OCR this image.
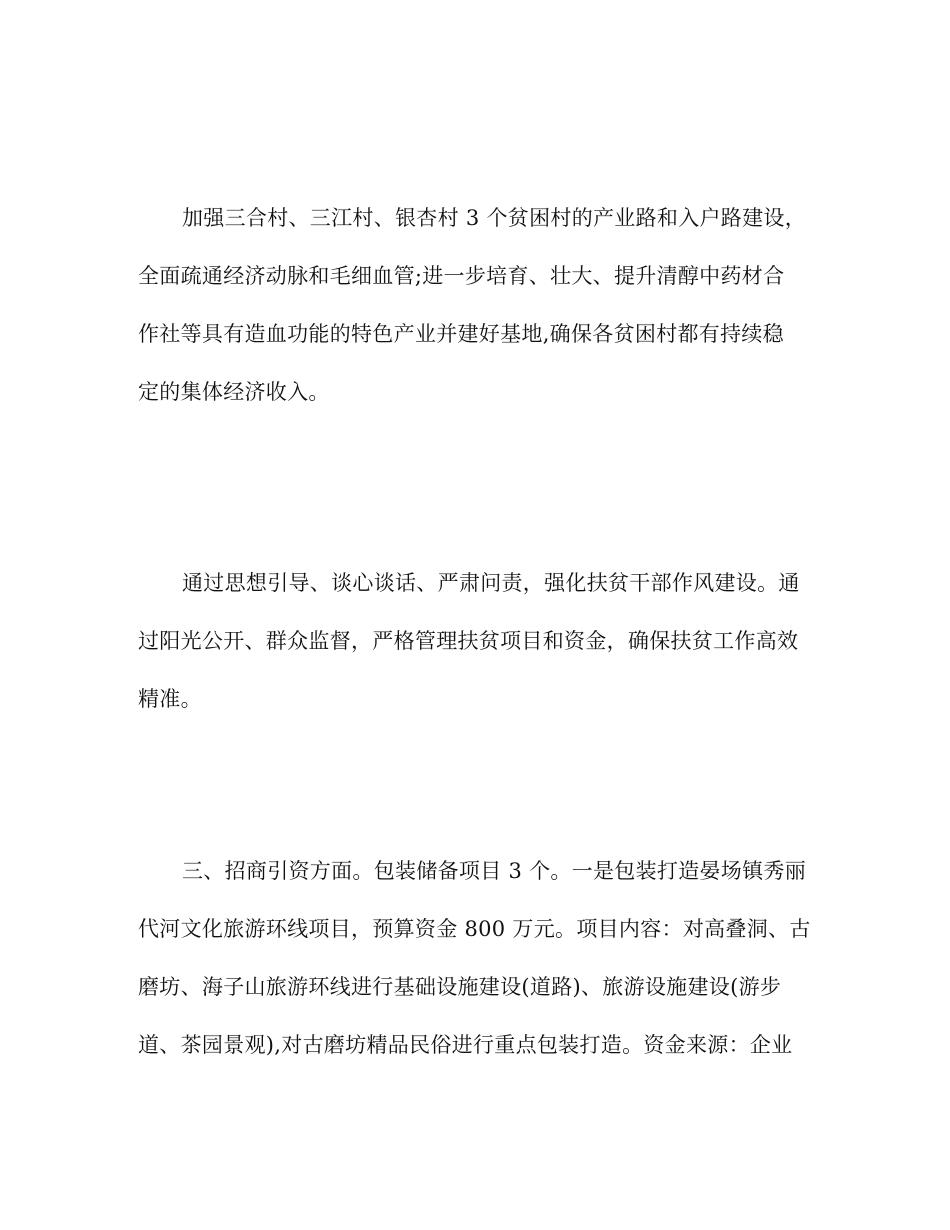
加强三合村、三江村、银杏村 3 个贫困村的产业路和入户路建设，
全面疏通经济动脉和毛细血管;进一步培育、壮大、提升清醇中药材合
作社等具有造血功能的特色产业并建好基地,确保各贫困村都有持续稳
定的集体经济收入。
通过思想引导、谈心谈话、严肃问责，强化扶贫干部作风建设。通
过阳光公开、群众监督，严格管理扶贫项目和资金，确保扶贫工作高效
精准。
三、招商引资方面。包装储备项目 3 个。一是包装打造晏场镇秀丽
代河文化旅游环线项目，预算资金 800 万元。项目内容：对高叠洞、古
磨坊、海子山旅游环线进行基础设施建设(道路)、旅游设施建设(游步
道、茶园景观),对古磨坊精品民俗进行重点包装打造。资金来源：企业
